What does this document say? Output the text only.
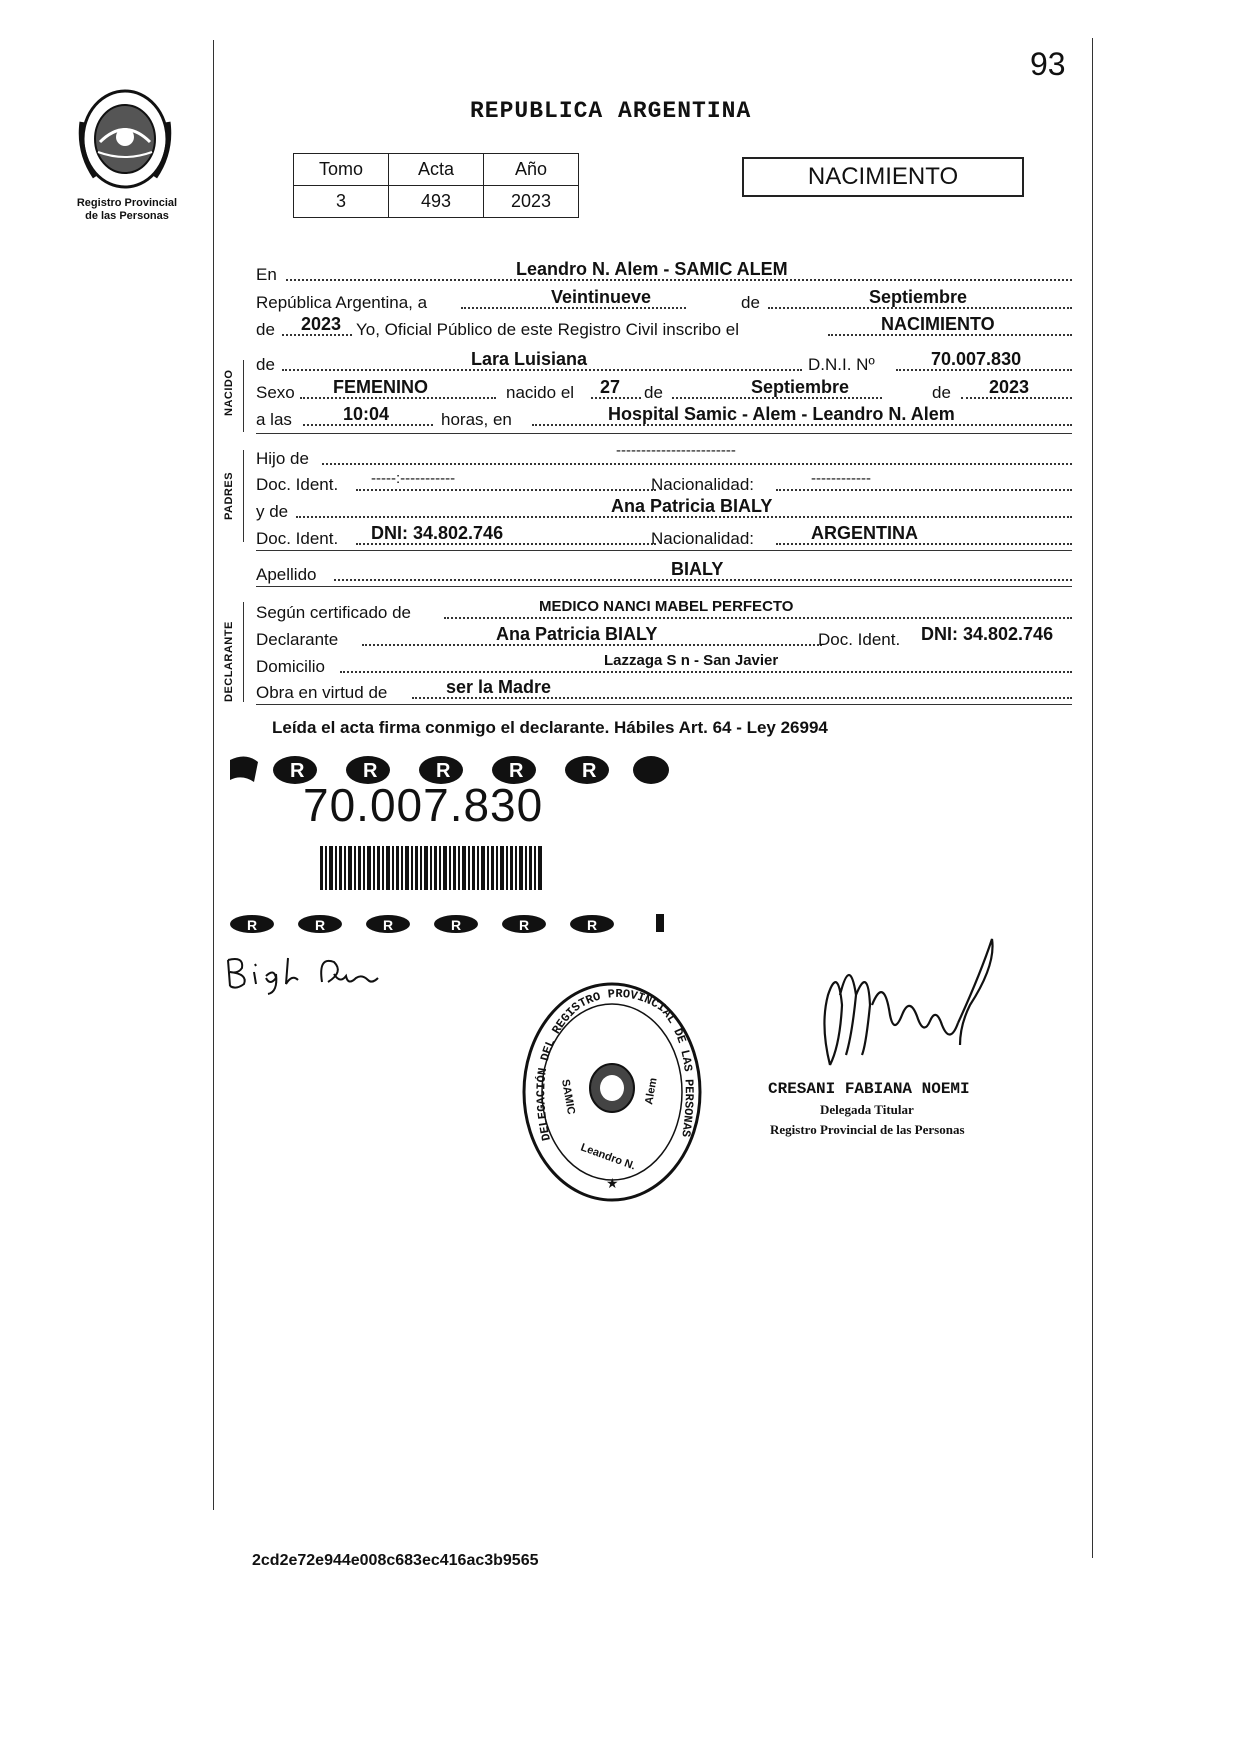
93
REPUBLICA ARGENTINA
Registro Provincial
de las Personas
Tomo	Acta	Año
3	493	2023
NACIMIENTO
En	Leandro N. Alem - SAMIC ALEM
República Argentina, a	Veintinueve	de	Septiembre
de 2023 Yo, Oficial Público de este Registro Civil inscribo el	NACIMIENTO
NACIDO
de	Lara Luisiana	D.N.I. Nº	70.007.830
Sexo FEMENINO	nacido el 27 de	Septiembre	de 2023
a las	10:04	horas, en	Hospital Samic - Alem - Leandro N. Alem
PADRES
Hijo de	------------------------
Doc. Ident. -----:-----------	Nacionalidad:	------------
y de	Ana Patricia BIALY
Doc. Ident. DNI: 34.802.746	Nacionalidad:	ARGENTINA
Apellido	BIALY
DECLARANTE
Según certificado de	MEDICO NANCI MABEL PERFECTO
Declarante	Ana Patricia BIALY	Doc. Ident. DNI: 34.802.746
Domicilio	Lazzaga S n - San Javier
Obra en virtud de	ser la Madre
Leída el acta firma conmigo el declarante. Hábiles Art. 64 - Ley 26994
R	R	R	R	R
R	R	R	R	R	R
70.007.830
DELEGACIÓN DEL REGISTRO PROVINCIAL DE LAS PERSONAS
SAMIC	Alem
Leandro N.
★
CRESANI FABIANA NOEMI
Delegada Titular
Registro Provincial de las Personas
2cd2e72e944e008c683ec416ac3b9565
